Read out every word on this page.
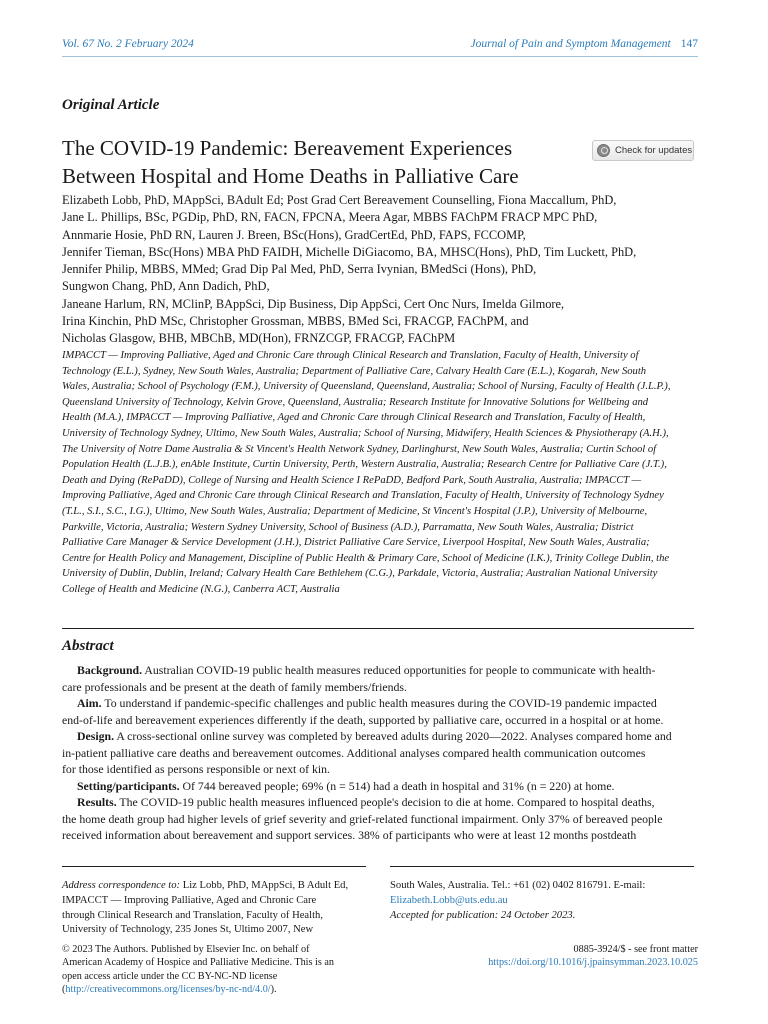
Vol. 67 No. 2 February 2024	Journal of Pain and Symptom Management 147
Original Article
The COVID-19 Pandemic: Bereavement Experiences
Between Hospital and Home Deaths in Palliative Care
Check for updates
Elizabeth Lobb, PhD, MAppSci, BAdult Ed; Post Grad Cert Bereavement Counselling, Fiona Maccallum, PhD,
Jane L. Phillips, BSc, PGDip, PhD, RN, FACN, FPCNA, Meera Agar, MBBS FAChPM FRACP MPC PhD,
Annmarie Hosie, PhD RN, Lauren J. Breen, BSc(Hons), GradCertEd, PhD, FAPS, FCCOMP,
Jennifer Tieman, BSc(Hons) MBA PhD FAIDH, Michelle DiGiacomo, BA, MHSC(Hons), PhD, Tim Luckett, PhD,
Jennifer Philip, MBBS, MMed; Grad Dip Pal Med, PhD, Serra Ivynian, BMedSci (Hons), PhD,
Sungwon Chang, PhD, Ann Dadich, PhD,
Janeane Harlum, RN, MClinP, BAppSci, Dip Business, Dip AppSci, Cert Onc Nurs, Imelda Gilmore,
Irina Kinchin, PhD MSc, Christopher Grossman, MBBS, BMed Sci, FRACGP, FAChPM, and
Nicholas Glasgow, BHB, MBChB, MD(Hon), FRNZCGP, FRACGP, FAChPM
IMPACCT — Improving Palliative, Aged and Chronic Care through Clinical Research and Translation, Faculty of Health, University of
Technology (E.L.), Sydney, New South Wales, Australia; Department of Palliative Care, Calvary Health Care (E.L.), Kogarah, New South
Wales, Australia; School of Psychology (F.M.), University of Queensland, Queensland, Australia; School of Nursing, Faculty of Health (J.L.P.),
Queensland University of Technology, Kelvin Grove, Queensland, Australia; Research Institute for Innovative Solutions for Wellbeing and
Health (M.A.), IMPACCT — Improving Palliative, Aged and Chronic Care through Clinical Research and Translation, Faculty of Health,
University of Technology Sydney, Ultimo, New South Wales, Australia; School of Nursing, Midwifery, Health Sciences & Physiotherapy (A.H.),
The University of Notre Dame Australia & St Vincent's Health Network Sydney, Darlinghurst, New South Wales, Australia; Curtin School of
Population Health (L.J.B.), enAble Institute, Curtin University, Perth, Western Australia, Australia; Research Centre for Palliative Care (J.T.),
Death and Dying (RePaDD), College of Nursing and Health Science I RePaDD, Bedford Park, South Australia, Australia; IMPACCT —
Improving Palliative, Aged and Chronic Care through Clinical Research and Translation, Faculty of Health, University of Technology Sydney
(T.L., S.I., S.C., I.G.), Ultimo, New South Wales, Australia; Department of Medicine, St Vincent's Hospital (J.P.), University of Melbourne,
Parkville, Victoria, Australia; Western Sydney University, School of Business (A.D.), Parramatta, New South Wales, Australia; District
Palliative Care Manager & Service Development (J.H.), District Palliative Care Service, Liverpool Hospital, New South Wales, Australia;
Centre for Health Policy and Management, Discipline of Public Health & Primary Care, School of Medicine (I.K.), Trinity College Dublin, the
University of Dublin, Dublin, Ireland; Calvary Health Care Bethlehem (C.G.), Parkdale, Victoria, Australia; Australian National University
College of Health and Medicine (N.G.), Canberra ACT, Australia
Abstract
Background. Australian COVID-19 public health measures reduced opportunities for people to communicate with health-
care professionals and be present at the death of family members/friends.
Aim. To understand if pandemic-specific challenges and public health measures during the COVID-19 pandemic impacted
end-of-life and bereavement experiences differently if the death, supported by palliative care, occurred in a hospital or at home.
Design. A cross-sectional online survey was completed by bereaved adults during 2020—2022. Analyses compared home and
in-patient palliative care deaths and bereavement outcomes. Additional analyses compared health communication outcomes
for those identified as persons responsible or next of kin.
Setting/participants. Of 744 bereaved people; 69% (n = 514) had a death in hospital and 31% (n = 220) at home.
Results. The COVID-19 public health measures influenced people's decision to die at home. Compared to hospital deaths,
the home death group had higher levels of grief severity and grief-related functional impairment. Only 37% of bereaved people
received information about bereavement and support services. 38% of participants who were at least 12 months postdeath
Address correspondence to: Liz Lobb, PhD, MAppSci, B Adult Ed,
IMPACCT — Improving Palliative, Aged and Chronic Care
through Clinical Research and Translation, Faculty of Health,
University of Technology, 235 Jones St, Ultimo 2007, New
South Wales, Australia. Tel.: +61 (02) 0402 816791. E-mail:
Elizabeth.Lobb@uts.edu.au
Accepted for publication: 24 October 2023.
© 2023 The Authors. Published by Elsevier Inc. on behalf of
American Academy of Hospice and Palliative Medicine. This is an
open access article under the CC BY-NC-ND license
(http://creativecommons.org/licenses/by-nc-nd/4.0/).
0885-3924/$ - see front matter
https://doi.org/10.1016/j.jpainsymman.2023.10.025
